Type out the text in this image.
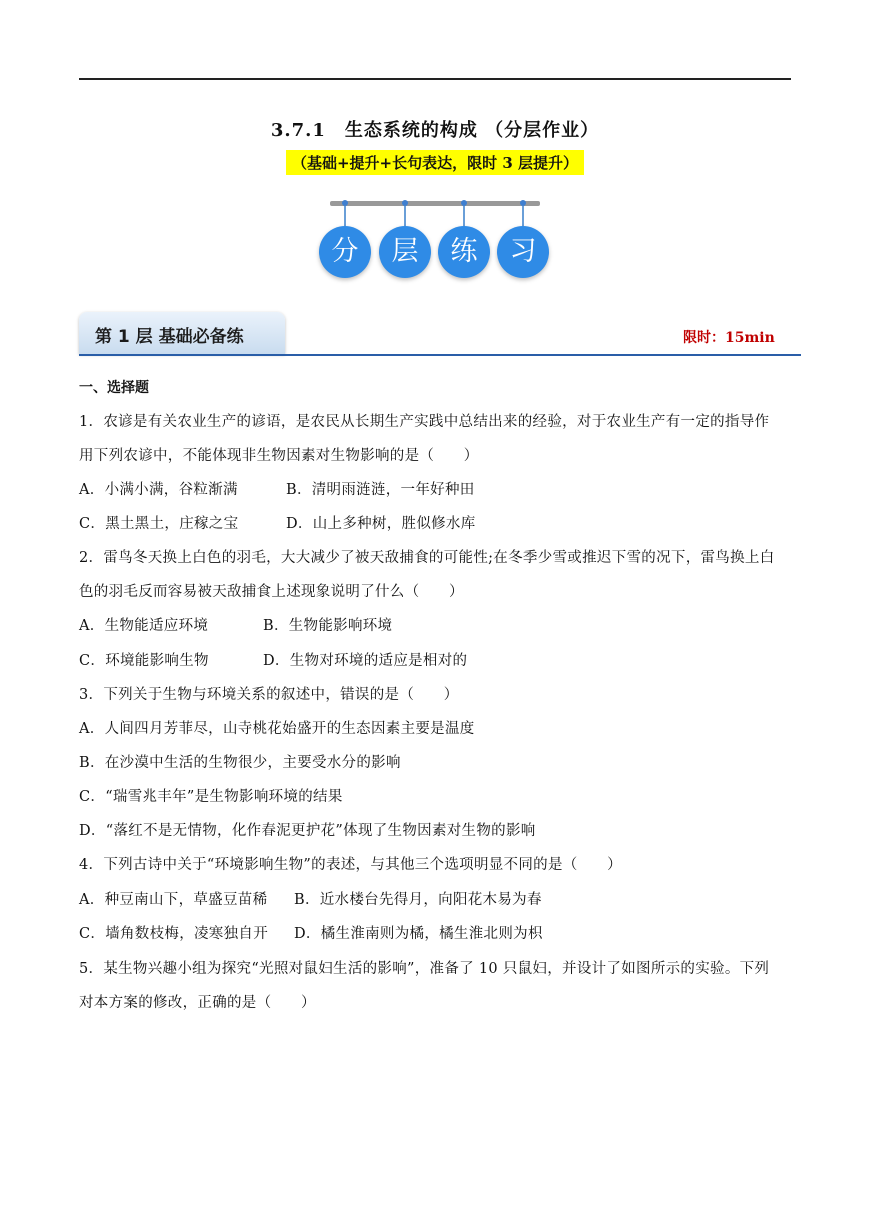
3.7.1　生态系统的构成 （分层作业）
（基础+提升+长句表达，限时 3 层提升）
分	层	练	习
第 1 层 基础必备练	限时：15min
一、选择题
1．农谚是有关农业生产的谚语，是农民从长期生产实践中总结出来的经验，对于农业生产有一定的指导作
用下列农谚中，不能体现非生物因素对生物影响的是（　　）
A．小满小满，谷粒渐满	B．清明雨涟涟，一年好种田
C．黑土黑土，庄稼之宝	D．山上多种树，胜似修水库
2．雷鸟冬天换上白色的羽毛，大大减少了被天敌捕食的可能性;在冬季少雪或推迟下雪的况下，雷鸟换上白
色的羽毛反而容易被天敌捕食上述现象说明了什么（　　）
A．生物能适应环境	B．生物能影响环境
C．环境能影响生物	D．生物对环境的适应是相对的
3．下列关于生物与环境关系的叙述中，错误的是（　　）
A．人间四月芳菲尽，山寺桃花始盛开的生态因素主要是温度
B．在沙漠中生活的生物很少，主要受水分的影响
C．“瑞雪兆丰年”是生物影响环境的结果
D．“落红不是无情物，化作春泥更护花”体现了生物因素对生物的影响
4．下列古诗中关于“环境影响生物”的表述，与其他三个选项明显不同的是（　　）
A．种豆南山下，草盛豆苗稀 B．近水楼台先得月，向阳花木易为春
C．墙角数枝梅，凌寒独自开 D．橘生淮南则为橘，橘生淮北则为枳
5．某生物兴趣小组为探究“光照对鼠妇生活的影响”，准备了 10 只鼠妇，并设计了如图所示的实验。下列
对本方案的修改，正确的是（　　）
